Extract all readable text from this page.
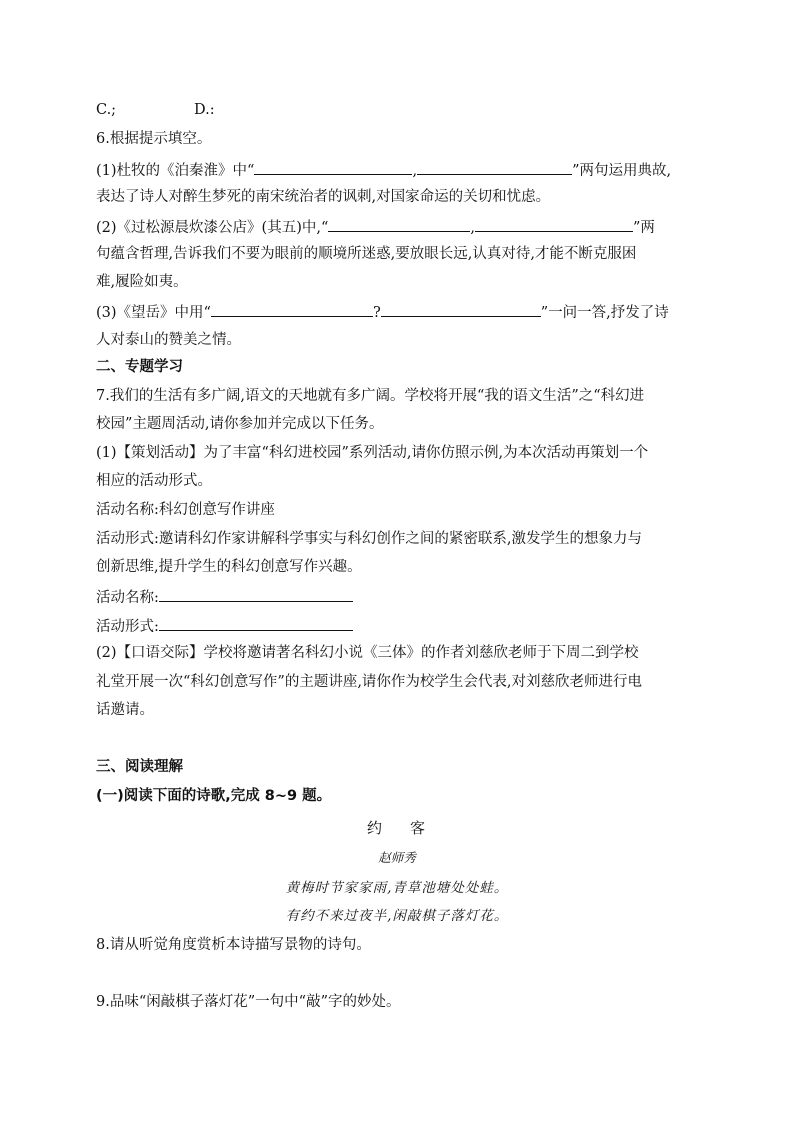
C.;	D.:
6.根据提示填空。
(1)杜牧的《泊秦淮》中“	,	”两句运用典故,
表达了诗人对醉生梦死的南宋统治者的讽刺,对国家命运的关切和忧虑。
(2)《过松源晨炊漆公店》(其五)中,“	,	”两
句蕴含哲理,告诉我们不要为眼前的顺境所迷惑,要放眼长远,认真对待,才能不断克服困
难,履险如夷。
(3)《望岳》中用“	?	”一问一答,抒发了诗
人对泰山的赞美之情。
二、专题学习
7.我们的生活有多广阔,语文的天地就有多广阔。学校将开展“我的语文生活”之“科幻进
校园”主题周活动,请你参加并完成以下任务。
(1)【策划活动】为了丰富“科幻进校园”系列活动,请你仿照示例,为本次活动再策划一个
相应的活动形式。
活动名称:科幻创意写作讲座
活动形式:邀请科幻作家讲解科学事实与科幻创作之间的紧密联系,激发学生的想象力与
创新思维,提升学生的科幻创意写作兴趣。
活动名称:
活动形式:
(2)【口语交际】学校将邀请著名科幻小说《三体》的作者刘慈欣老师于下周二到学校
礼堂开展一次“科幻创意写作”的主题讲座,请你作为校学生会代表,对刘慈欣老师进行电
话邀请。
三、阅读理解
(一)阅读下面的诗歌,完成 8~9 题。
约 客
赵师秀
黄梅时节家家雨,青草池塘处处蛙。
有约不来过夜半,闲敲棋子落灯花。
8.请从听觉角度赏析本诗描写景物的诗句。
9.品味“闲敲棋子落灯花”一句中“敲”字的妙处。
